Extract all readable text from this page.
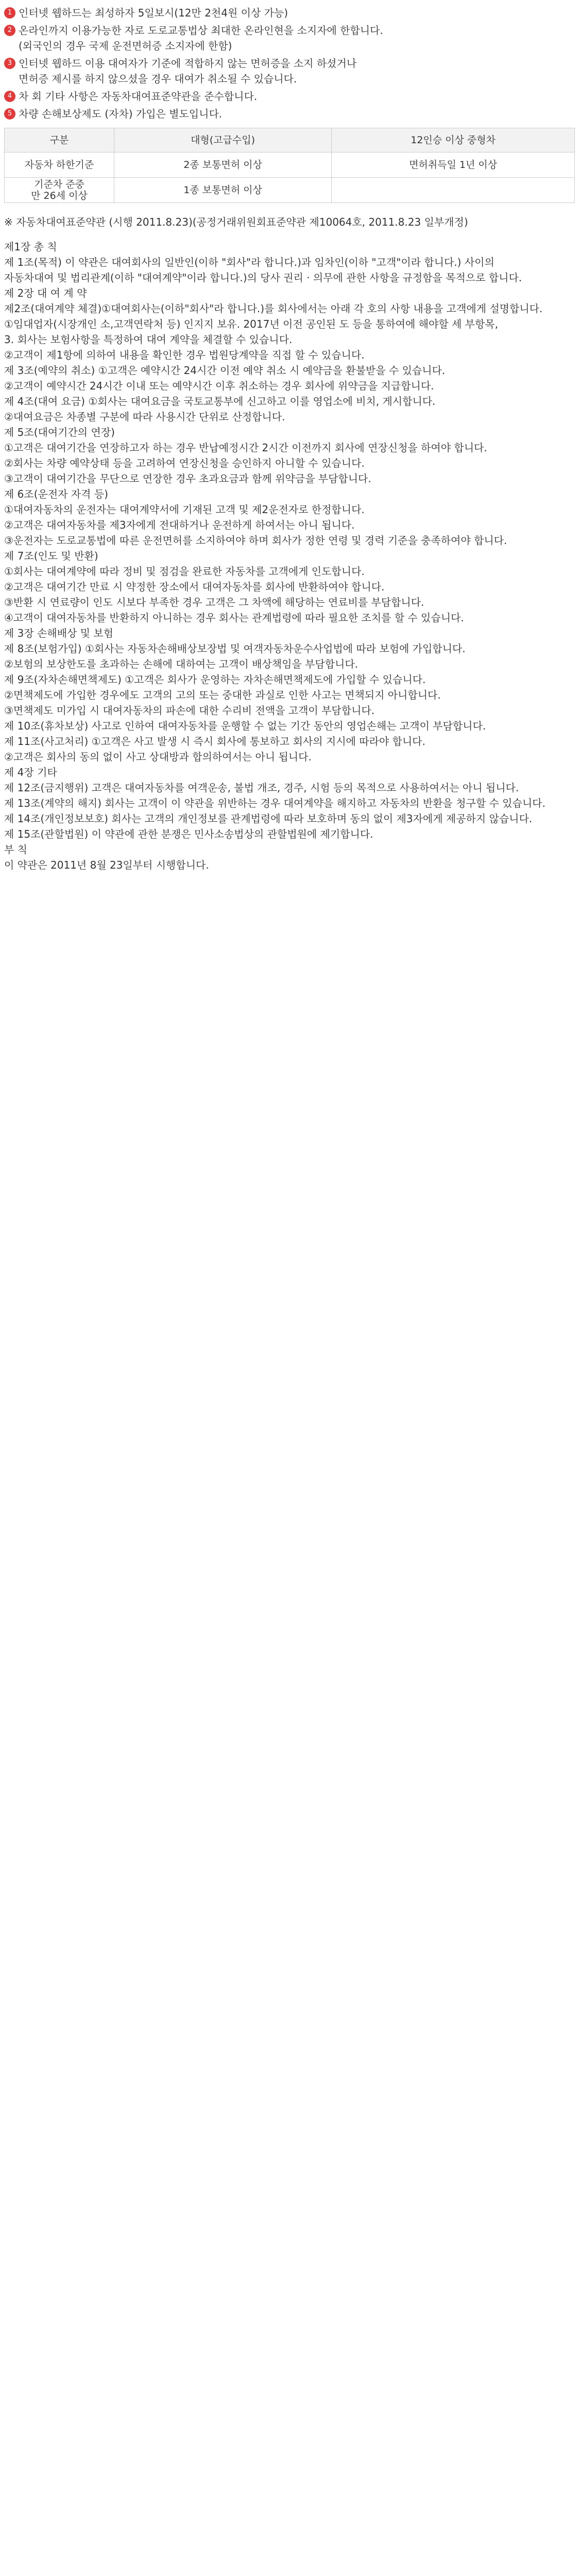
1 인터넷 웹하드는 최성하자 5일보시(12만 2천4원 이상 가능)
2 온라인까지 이용가능한 자로 도로교통법상 최대한 온라인현을 소지자에 한합니다.
(외국인의 경우 국제 운전면허증 소지자에 한함)
3 인터넷 웹하드 이용 대여자가 기준에 적합하지 않는 면허증을 소지 하셨거나
면허증 제시를 하지 않으셨을 경우 대여가 취소될 수 있습니다.
4 차 회 기타 사항은 자동차대여표준약관을 준수합니다.
5 차량 손해보상제도 (자차) 가입은 별도입니다.
구분	대형(고급수입)	12인승 이상 중형차
자동차 하한기준	2종 보통면허 이상	면허취득일 1년 이상
기준차 준중
만 26세 이상	1종 보통면허 이상	
※ 자동차대여표준약관 (시행 2011.8.23)(공정거래위원회표준약관 제10064호, 2011.8.23 일부개정)

제1장 총 칙

제 1조(목적) 이 약관은 대여회사의 일반인(이하 "회사"라 합니다.)과 임차인(이하 "고객"이라 합니다.) 사이의

자동차대여 및 법리관계(이하 "대여계약"이라 합니다.)의 당사 권리 · 의무에 관한 사항을 규정함을 목적으로 합니다.

제 2장 대 여 계 약

제2조(대여계약 체결)①대여회사는(이하"회사"라 합니다.)를 회사에서는 아래 각 호의 사항 내용을 고객에게 설명합니다.

①임대업자(시장개인 소,고객연락처 등) 인지지 보유. 2017년 이전 공인된 도 등을 통하여에 해야할 세 부항목,

3. 회사는 보험사항을 특정하여 대여 계약을 체결할 수 있습니다.

②고객이 제1항에 의하여 내용을 확인한 경우 법원당계약을 직접 할 수 있습니다.

제 3조(예약의 취소) ①고객은 예약시간 24시간 이전 예약 취소 시 예약금을 환불받을 수 있습니다.

②고객이 예약시간 24시간 이내 또는 예약시간 이후 취소하는 경우 회사에 위약금을 지급합니다.

제 4조(대여 요금) ①회사는 대여요금을 국토교통부에 신고하고 이를 영업소에 비치, 게시합니다.

②대여요금은 차종별 구분에 따라 사용시간 단위로 산정합니다.

제 5조(대여기간의 연장)

①고객은 대여기간을 연장하고자 하는 경우 반납예정시간 2시간 이전까지 회사에 연장신청을 하여야 합니다.

②회사는 차량 예약상태 등을 고려하여 연장신청을 승인하지 아니할 수 있습니다.

③고객이 대여기간을 무단으로 연장한 경우 초과요금과 함께 위약금을 부담합니다.

제 6조(운전자 자격 등)

①대여자동차의 운전자는 대여계약서에 기재된 고객 및 제2운전자로 한정합니다.

②고객은 대여자동차를 제3자에게 전대하거나 운전하게 하여서는 아니 됩니다.

③운전자는 도로교통법에 따른 운전면허를 소지하여야 하며 회사가 정한 연령 및 경력 기준을 충족하여야 합니다.

제 7조(인도 및 반환)

①회사는 대여계약에 따라 정비 및 점검을 완료한 자동차를 고객에게 인도합니다.

②고객은 대여기간 만료 시 약정한 장소에서 대여자동차를 회사에 반환하여야 합니다.

③반환 시 연료량이 인도 시보다 부족한 경우 고객은 그 차액에 해당하는 연료비를 부담합니다.

④고객이 대여자동차를 반환하지 아니하는 경우 회사는 관계법령에 따라 필요한 조치를 할 수 있습니다.

제 3장 손해배상 및 보험

제 8조(보험가입) ①회사는 자동차손해배상보장법 및 여객자동차운수사업법에 따라 보험에 가입합니다.

②보험의 보상한도를 초과하는 손해에 대하여는 고객이 배상책임을 부담합니다.

제 9조(자차손해면책제도) ①고객은 회사가 운영하는 자차손해면책제도에 가입할 수 있습니다.

②면책제도에 가입한 경우에도 고객의 고의 또는 중대한 과실로 인한 사고는 면책되지 아니합니다.

③면책제도 미가입 시 대여자동차의 파손에 대한 수리비 전액을 고객이 부담합니다.

제 10조(휴차보상) 사고로 인하여 대여자동차를 운행할 수 없는 기간 동안의 영업손해는 고객이 부담합니다.

제 11조(사고처리) ①고객은 사고 발생 시 즉시 회사에 통보하고 회사의 지시에 따라야 합니다.

②고객은 회사의 동의 없이 사고 상대방과 합의하여서는 아니 됩니다.

제 4장 기타

제 12조(금지행위) 고객은 대여자동차를 여객운송, 불법 개조, 경주, 시험 등의 목적으로 사용하여서는 아니 됩니다.

제 13조(계약의 해지) 회사는 고객이 이 약관을 위반하는 경우 대여계약을 해지하고 자동차의 반환을 청구할 수 있습니다.

제 14조(개인정보보호) 회사는 고객의 개인정보를 관계법령에 따라 보호하며 동의 없이 제3자에게 제공하지 않습니다.

제 15조(관할법원) 이 약관에 관한 분쟁은 민사소송법상의 관할법원에 제기합니다.

부 칙

이 약관은 2011년 8월 23일부터 시행합니다.
